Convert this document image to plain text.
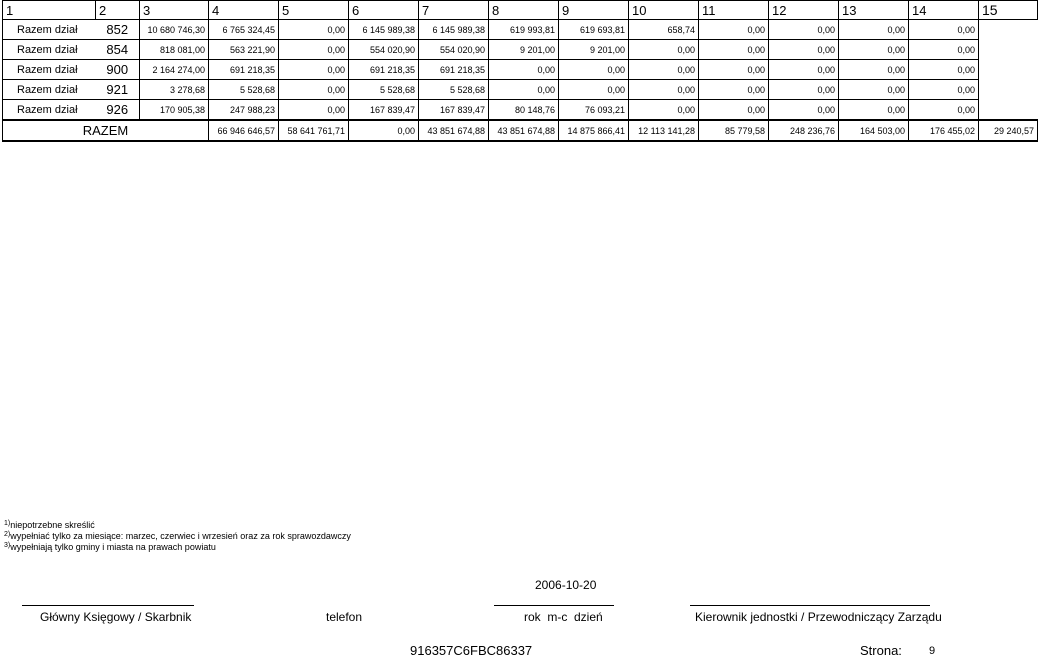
1	2	3	4	5	6	7	8	9	10	11	12	13	14	15
Razem dział	852	10 680 746,30	6 765 324,45	0,00	6 145 989,38	6 145 989,38	619 993,81	619 693,81	658,74	0,00	0,00	0,00	0,00	
Razem dział	854	818 081,00	563 221,90	0,00	554 020,90	554 020,90	9 201,00	9 201,00	0,00	0,00	0,00	0,00	0,00	
Razem dział	900	2 164 274,00	691 218,35	0,00	691 218,35	691 218,35	0,00	0,00	0,00	0,00	0,00	0,00	0,00	
Razem dział	921	3 278,68	5 528,68	0,00	5 528,68	5 528,68	0,00	0,00	0,00	0,00	0,00	0,00	0,00	
Razem dział	926	170 905,38	247 988,23	0,00	167 839,47	167 839,47	80 148,76	76 093,21	0,00	0,00	0,00	0,00	0,00	
RAZEM			66 946 646,57	58 641 761,71	0,00	43 851 674,88	43 851 674,88	14 875 866,41	12 113 141,28	85 779,58	248 236,76	164 503,00	176 455,02	29 240,57
$^{1)}$niepotrzebne skreślić
$^{2)}$wypełniać tylko za miesiące: marzec, czerwiec i wrzesień oraz za rok sprawozdawczy
$^{3)}$wypełniają tylko gminy i miasta na prawach powiatu
2006-10-20
Główny Księgowy / Skarbnik	telefon	rok  m-c  dzień	Kierownik jednostki / Przewodniczący Zarządu
916357C6FBC86337	Strona: 9
